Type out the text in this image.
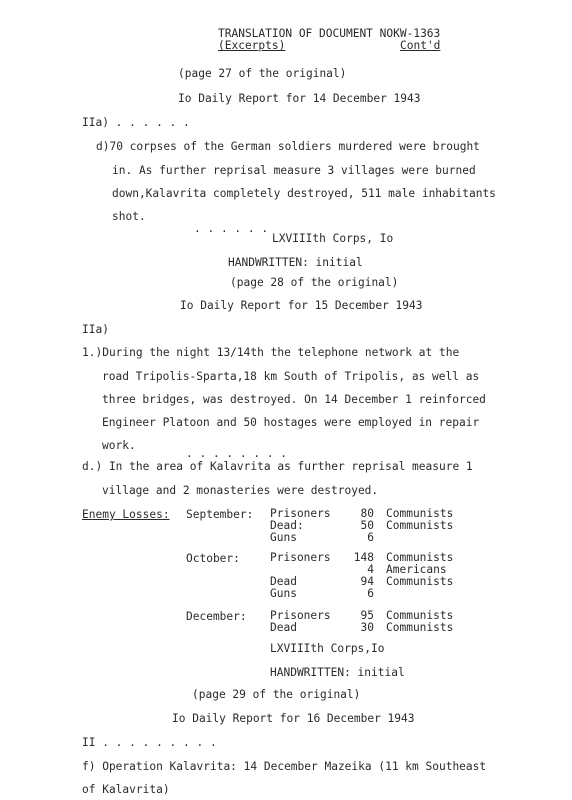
TRANSLATION OF DOCUMENT NOKW-1363
(Excerpts)	Cont'd
(page 27 of the original)
Io Daily Report for 14 December 1943
IIa) . . . . . .
d)70 corpses of the German soldiers murdered were brought
in. As further reprisal measure 3 villages were burned
down,Kalavrita completely destroyed, 511 male inhabitants
shot.
. . . . . .
LXVIIIth Corps, Io
HANDWRITTEN: initial
(page 28 of the original)
Io Daily Report for 15 December 1943
IIa)
1.)During the night 13/14th the telephone network at the
road Tripolis-Sparta,18 km South of Tripolis, as well as
three bridges, was destroyed. On 14 December 1 reinforced
Engineer Platoon and 50 hostages were employed in repair
work.
. . . . . . . .
d.) In the area of Kalavrita as further reprisal measure 1
village and 2 monasteries were destroyed.
Enemy Losses: September: Prisoners	80 Communists
Dead:	50 Communists
Guns	6
October:	Prisoners	148 Communists
4 Americans
Dead	94 Communists
Guns	6
December: Prisoners	95 Communists
Dead	30 Communists
LXVIIIth Corps,Io
HANDWRITTEN: initial
(page 29 of the original)
Io Daily Report for 16 December 1943
II . . . . . . . . .
f) Operation Kalavrita: 14 December Mazeika (11 km Southeast
of Kalavrita)
